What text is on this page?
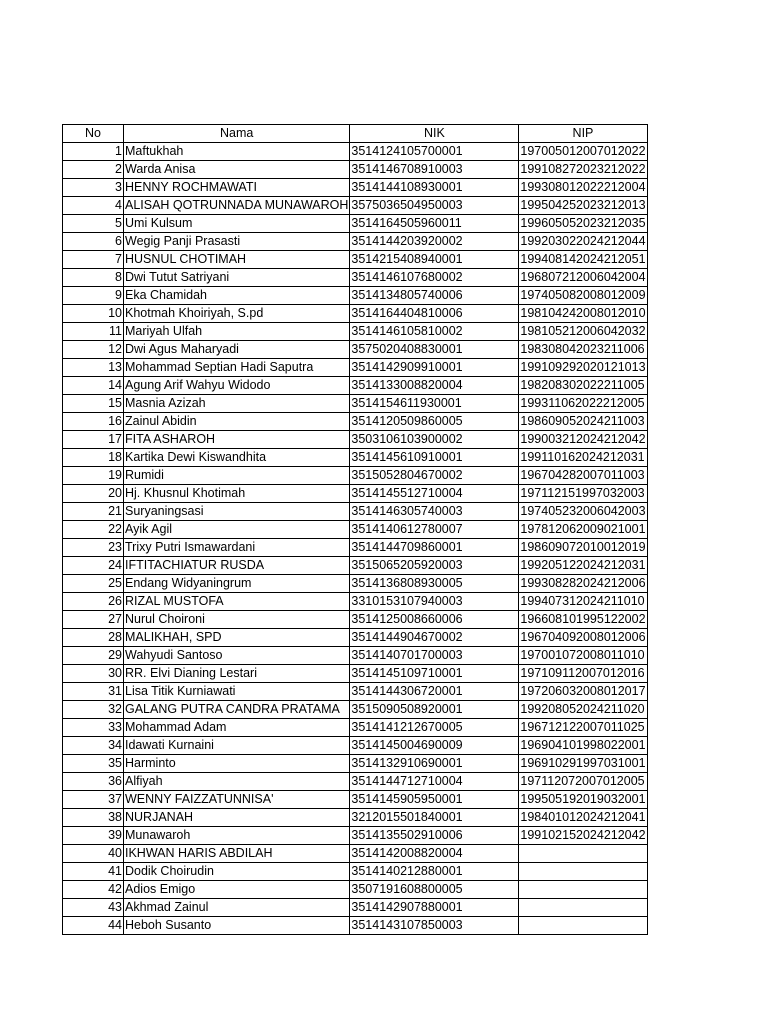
No	Nama	NIK	NIP
1	Maftukhah	3514124105700001	197005012007012022
2	Warda Anisa	3514146708910003	199108272023212022
3	HENNY ROCHMAWATI	3514144108930001	199308012022212004
4	ALISAH QOTRUNNADA MUNAWAROH	3575036504950003	199504252023212013
5	Umi Kulsum	3514164505960011	199605052023212035
6	Wegig Panji Prasasti	3514144203920002	199203022024212044
7	HUSNUL CHOTIMAH	3514215408940001	199408142024212051
8	Dwi Tutut Satriyani	3514146107680002	196807212006042004
9	Eka Chamidah	3514134805740006	197405082008012009
10	Khotmah Khoiriyah, S.pd	3514164404810006	198104242008012010
11	Mariyah Ulfah	3514146105810002	198105212006042032
12	Dwi Agus Maharyadi	3575020408830001	198308042023211006
13	Mohammad Septian Hadi Saputra	3514142909910001	199109292020121013
14	Agung Arif Wahyu Widodo	3514133008820004	198208302022211005
15	Masnia Azizah	3514154611930001	199311062022212005
16	Zainul Abidin	3514120509860005	198609052024211003
17	FITA ASHAROH	3503106103900002	199003212024212042
18	Kartika Dewi Kiswandhita	3514145610910001	199110162024212031
19	Rumidi	3515052804670002	196704282007011003
20	Hj. Khusnul Khotimah	3514145512710004	197112151997032003
21	Suryaningsasi	3514146305740003	197405232006042003
22	Ayik Agil	3514140612780007	197812062009021001
23	Trixy Putri Ismawardani	3514144709860001	198609072010012019
24	IFTITACHIATUR RUSDA	3515065205920003	199205122024212031
25	Endang Widyaningrum	3514136808930005	199308282024212006
26	RIZAL MUSTOFA	3310153107940003	199407312024211010
27	Nurul Choironi	3514125008660006	196608101995122002
28	MALIKHAH, SPD	3514144904670002	196704092008012006
29	Wahyudi Santoso	3514140701700003	197001072008011010
30	RR. Elvi Dianing Lestari	3514145109710001	197109112007012016
31	Lisa Titik Kurniawati	3514144306720001	197206032008012017
32	GALANG PUTRA CANDRA PRATAMA	3515090508920001	199208052024211020
33	Mohammad Adam	3514141212670005	196712122007011025
34	Idawati Kurnaini	3514145004690009	196904101998022001
35	Harminto	3514132910690001	196910291997031001
36	Alfiyah	3514144712710004	197112072007012005
37	WENNY FAIZZATUNNISA'	3514145905950001	199505192019032001
38	NURJANAH	3212015501840001	198401012024212041
39	Munawaroh	3514135502910006	199102152024212042
40	IKHWAN HARIS ABDILAH	3514142008820004	
41	Dodik Choirudin	3514140212880001	
42	Adios Emigo	3507191608800005	
43	Akhmad Zainul	3514142907880001	
44	Heboh Susanto	3514143107850003	
